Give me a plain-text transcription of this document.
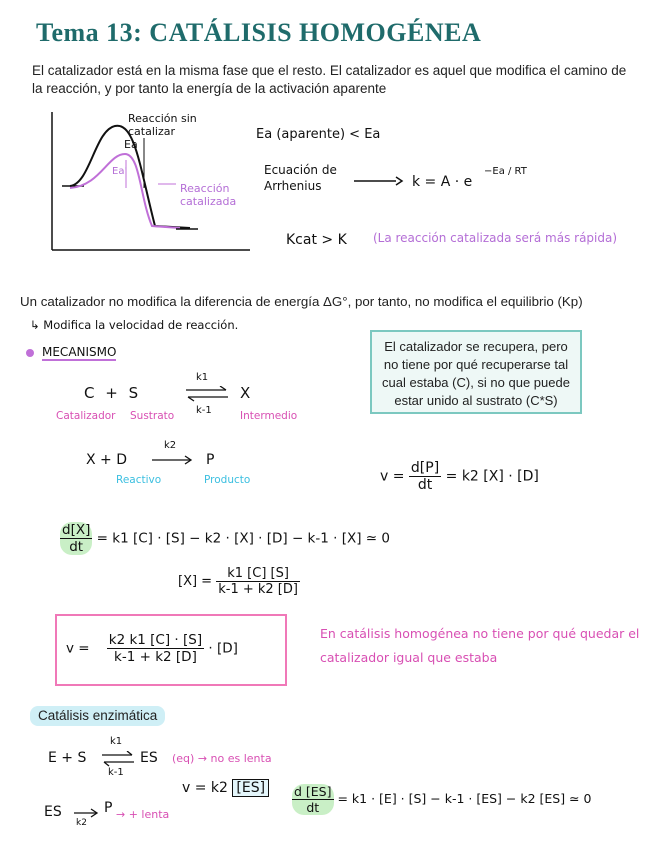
Tema 13: CATÁLISIS HOMOGÉNEA
El catalizador está en la misma fase que el resto. El catalizador es aquel que modifica el camino de la reacción, y por tanto la energía de la activación aparente
Reacción sin catalizar
Ea
Ea'
Reacción catalizada
Ea (aparente) < Ea
Ecuación de Arrhenius	k = A · e
−Ea / RT
Kcat > K (La reacción catalizada será más rápida)
Un catalizador no modifica la diferencia de energía ΔG°, por tanto, no modifica el equilibrio (Kp)
↳ Modifica la velocidad de reacción.
MECANISMO
C + S
k1
k-1
X
Catalizador Sustrato	Intermedio
X + D
k2
P
Reactivo	Producto
El catalizador se recupera, pero no tiene por qué recuperarse tal cual estaba (C), si no que puede estar unido al sustrato (C*S)
$v = \frac{d[P]}{dt} = k2$ [X] · [D]
$\frac{d[X]}{dt} = k1$ [C] · [S] − k2 · [X] · [D] − k-1 · [X] ≃ 0
$[X] = \frac{k1 [C] [S]}{k-1 + k2 [D]}$
$v = \frac{k2 k1 [C] \cdot [S]}{k-1 + k2 [D]} \cdot [D]$
En catálisis homogénea no tiene por qué quedar el catalizador igual que estaba
Catálisis enzimática
E + S
k1
k-1
ES (eq) → no es lenta
v = k2 [ES]	$\frac{d [ES]}{dt} = k1 \cdot [E] \cdot [S] - k-1 \cdot [ES] - k2$ [ES] ≃ 0
ES
k2
P → + lenta
